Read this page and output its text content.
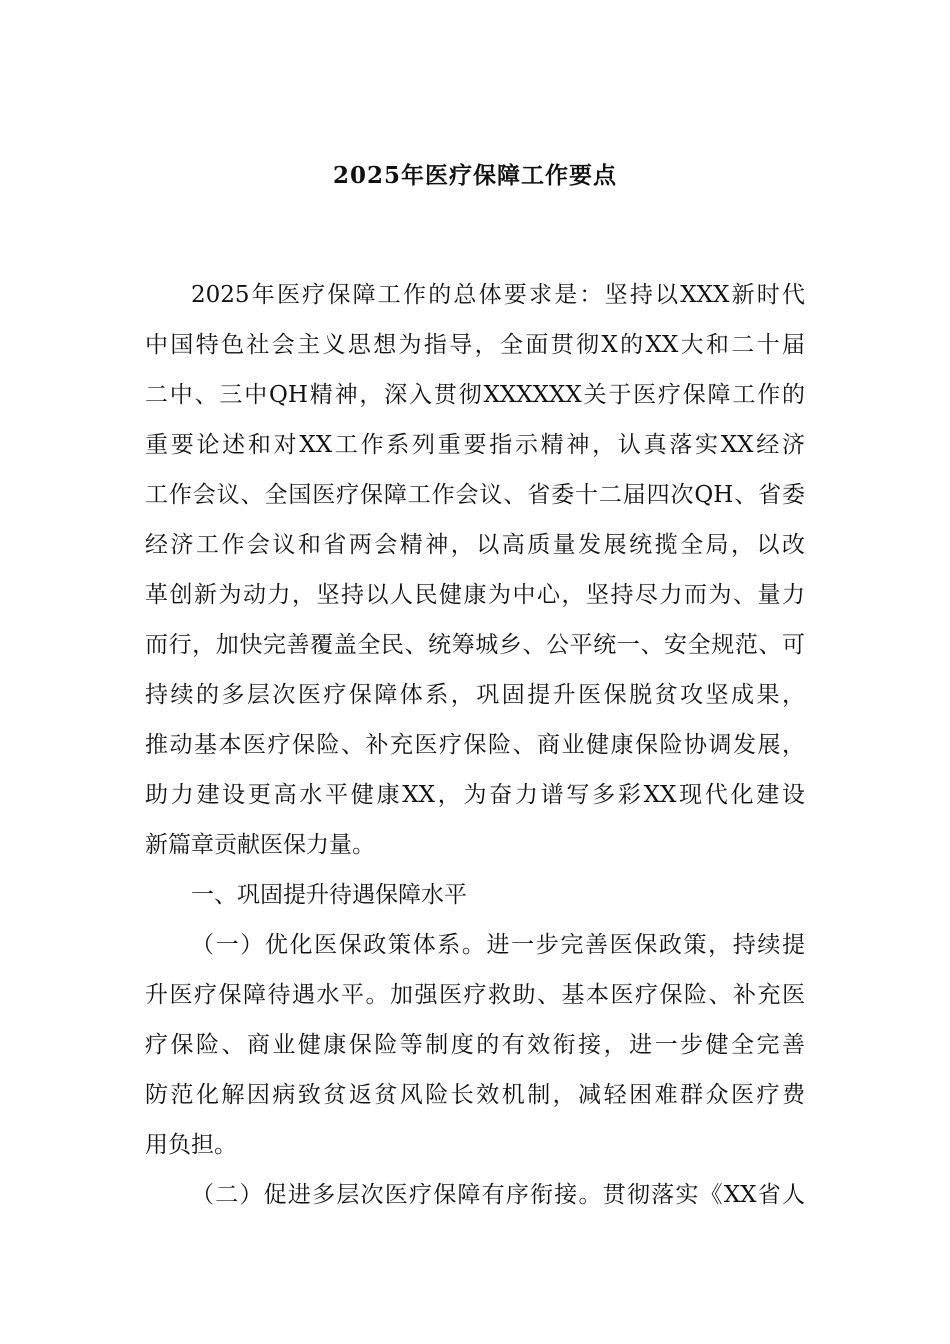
2025年医疗保障工作要点
2025年医疗保障工作的总体要求是：坚持以XXX新时代
中国特色社会主义思想为指导，全面贯彻X的XX大和二十届
二中、三中QH精神，深入贯彻XXXXXX关于医疗保障工作的
重要论述和对XX工作系列重要指示精神，认真落实XX经济
工作会议、全国医疗保障工作会议、省委十二届四次QH、省委
经济工作会议和省两会精神，以高质量发展统揽全局，以改
革创新为动力，坚持以人民健康为中心，坚持尽力而为、量力
而行，加快完善覆盖全民、统筹城乡、公平统一、安全规范、可
持续的多层次医疗保障体系，巩固提升医保脱贫攻坚成果，
推动基本医疗保险、补充医疗保险、商业健康保险协调发展，
助力建设更高水平健康XX，为奋力谱写多彩XX现代化建设
新篇章贡献医保力量。
一、巩固提升待遇保障水平
（一）优化医保政策体系。进一步完善医保政策，持续提
升医疗保障待遇水平。加强医疗救助、基本医疗保险、补充医
疗保险、商业健康保险等制度的有效衔接，进一步健全完善
防范化解因病致贫返贫风险长效机制，减轻困难群众医疗费
用负担。
（二）促进多层次医疗保障有序衔接。贯彻落实《XX省人
